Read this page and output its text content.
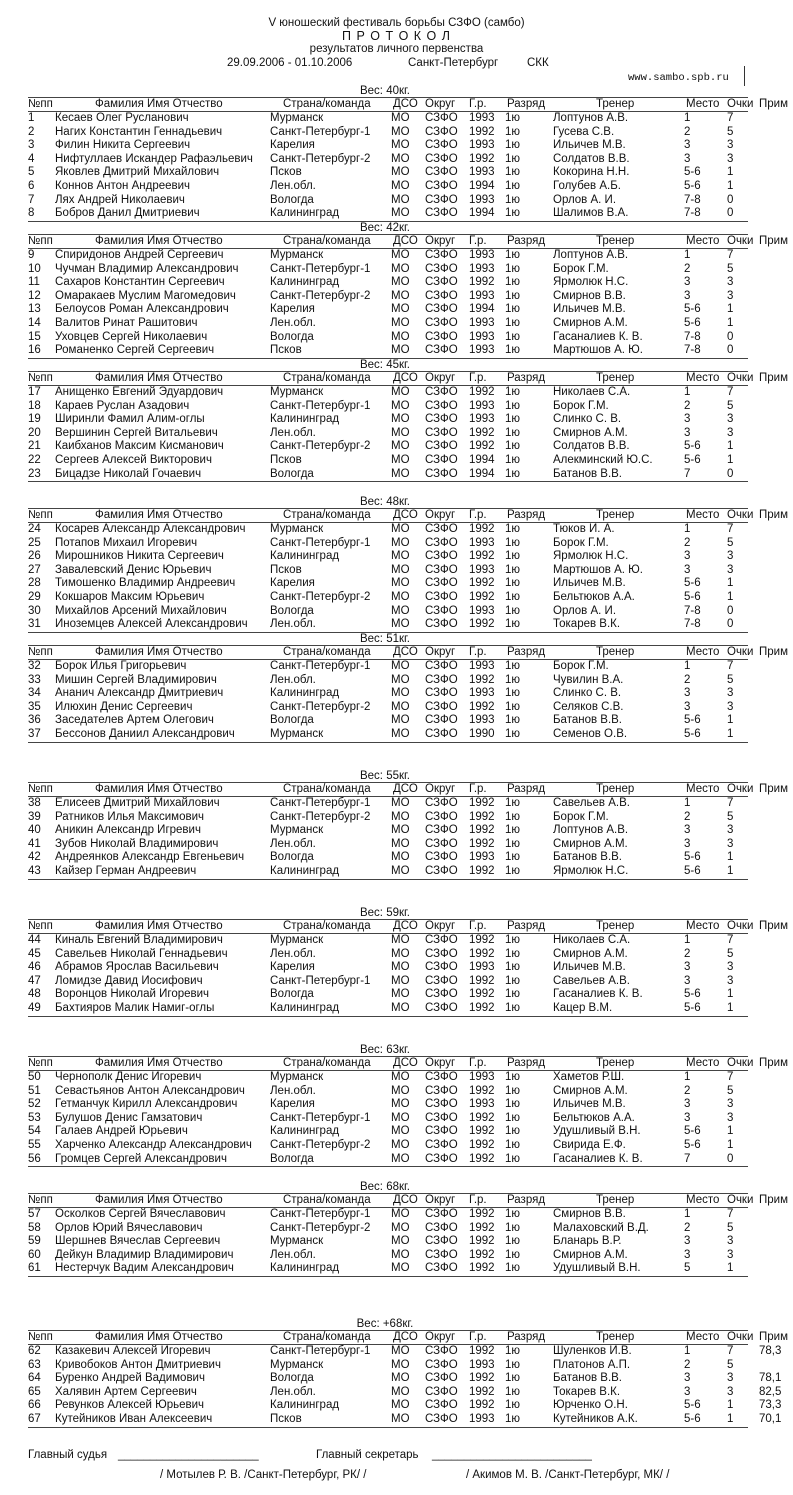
V юношеский фестиваль борьбы СЗФО (самбо)
П Р О Т О К О Л
результатов личного первенства
29.09.2006 - 01.10.2006	Санкт-Петербург	СКК
www.sambo.spb.ru
Вес: 40кг.
№пп	Фамилия Имя Отчество	Страна/команда ДСО Округ Г.р. Разряд	Тренер	Место Очки Прим
1 Кесаев Олег Русланович	Мурманск	МО СЗФО 1993 1ю	Лоптунов А.В.	1	7
2 Нагих Константин Геннадьевич	Санкт-Петербург-1 МО СЗФО 1992 1ю	Гусева С.В.	2	5
3 Филин Никита Сергеевич	Карелия	МО СЗФО 1993 1ю	Ильичев М.В.	3	3
4 Нифтуллаев Искандер Рафаэльевич Санкт-Петербург-2 МО СЗФО 1992 1ю	Солдатов В.В.	3	3
5 Яковлев Дмитрий Михайлович	Псков	МО СЗФО 1993 1ю	Кокорина Н.Н.	5-6 1
6 Коннов Антон Андреевич	Лен.обл.	МО СЗФО 1994 1ю	Голубев А.Б.	5-6 1
7 Лях Андрей Николаевич	Вологда	МО СЗФО 1993 1ю	Орлов А. И.	7-8 0
8 Бобров Данил Дмитриевич	Калининград	МО СЗФО 1994 1ю	Шалимов В.А.	7-8 0
Вес: 42кг.
№пп	Фамилия Имя Отчество	Страна/команда ДСО Округ Г.р. Разряд	Тренер	Место Очки Прим
9 Спиридонов Андрей Сергеевич	Мурманск	МО СЗФО 1993 1ю	Лоптунов А.В.	1	7
10 Чучман Владимир Александрович	Санкт-Петербург-1 МО СЗФО 1993 1ю	Борок Г.М.	2	5
11 Сахаров Константин Сергеевич	Калининград	МО СЗФО 1992 1ю	Ярмолюк Н.С.	3	3
12 Омаракаев Муслим Магомедович	Санкт-Петербург-2 МО СЗФО 1993 1ю	Смирнов В.В.	3	3
13 Белоусов Роман Александрович	Карелия	МО СЗФО 1994 1ю	Ильичев М.В.	5-6 1
14 Валитов Ринат Рашитович	Лен.обл.	МО СЗФО 1993 1ю	Смирнов А.М.	5-6 1
15 Уховцев Сергей Николаевич	Вологда	МО СЗФО 1993 1ю	Гасаналиев К. В.	7-8 0
16 Романенко Сергей Сергеевич	Псков	МО СЗФО 1993 1ю	Мартюшов А. Ю.	7-8 0
Вес: 45кг.
№пп	Фамилия Имя Отчество	Страна/команда ДСО Округ Г.р. Разряд	Тренер	Место Очки Прим
17 Анищенко Евгений Эдуардович	Мурманск	МО СЗФО 1992 1ю	Николаев С.А.	1	7
18 Караев Руслан Азадович	Санкт-Петербург-1 МО СЗФО 1993 1ю	Борок Г.М.	2	5
19 Ширинли Фамил Алим-оглы	Калининград	МО СЗФО 1993 1ю	Слинко С. В.	3	3
20 Вершинин Сергей Витальевич	Лен.обл.	МО СЗФО 1992 1ю	Смирнов А.М.	3	3
21 Каибханов Максим Кисманович	Санкт-Петербург-2 МО СЗФО 1992 1ю	Солдатов В.В.	5-6 1
22 Сергеев Алексей Викторович	Псков	МО СЗФО 1994 1ю	Алекминский Ю.С.	5-6 1
23 Бицадзе Николай Гочаевич	Вологда	МО СЗФО 1994 1ю	Батанов В.В.	7	0
Вес: 48кг.
№пп	Фамилия Имя Отчество	Страна/команда ДСО Округ Г.р. Разряд	Тренер	Место Очки Прим
24 Косарев Александр Александрович Мурманск	МО СЗФО 1992 1ю	Тюков И. А.	1	7
25 Потапов Михаил Игоревич	Санкт-Петербург-1 МО СЗФО 1993 1ю	Борок Г.М.	2	5
26 Мирошников Никита Сергеевич	Калининград	МО СЗФО 1992 1ю	Ярмолюк Н.С.	3	3
27 Завалевский Денис Юрьевич	Псков	МО СЗФО 1993 1ю	Мартюшов А. Ю.	3	3
28 Тимошенко Владимир Андреевич	Карелия	МО СЗФО 1992 1ю	Ильичев М.В.	5-6 1
29 Кокшаров Максим Юрьевич	Санкт-Петербург-2 МО СЗФО 1992 1ю	Бельтюков А.А.	5-6 1
30 Михайлов Арсений Михайлович	Вологда	МО СЗФО 1993 1ю	Орлов А. И.	7-8 0
31 Иноземцев Алексей Александрович Лен.обл.	МО СЗФО 1992 1ю	Токарев В.К.	7-8 0
Вес: 51кг.
№пп	Фамилия Имя Отчество	Страна/команда ДСО Округ Г.р. Разряд	Тренер	Место Очки Прим
32 Борок Илья Григорьевич	Санкт-Петербург-1 МО СЗФО 1993 1ю	Борок Г.М.	1	7
33 Мишин Сергей Владимирович	Лен.обл.	МО СЗФО 1992 1ю	Чувилин В.А.	2	5
34 Ананич Александр Дмитриевич	Калининград	МО СЗФО 1993 1ю	Слинко С. В.	3	3
35 Илюхин Денис Сергеевич	Санкт-Петербург-2 МО СЗФО 1992 1ю	Селяков С.В.	3	3
36 Заседателев Артем Олегович	Вологда	МО СЗФО 1993 1ю	Батанов В.В.	5-6 1
37 Бессонов Даниил Александрович	Мурманск	МО СЗФО 1990 1ю	Семенов О.В.	5-6 1
Вес: 55кг.
№пп	Фамилия Имя Отчество	Страна/команда ДСО Округ Г.р. Разряд	Тренер	Место Очки Прим
38 Елисеев Дмитрий Михайлович	Санкт-Петербург-1 МО СЗФО 1992 1ю	Савельев А.В.	1	7
39 Ратников Илья Максимович	Санкт-Петербург-2 МО СЗФО 1992 1ю	Борок Г.М.	2	5
40 Аникин Александр Игревич	Мурманск	МО СЗФО 1992 1ю	Лоптунов А.В.	3	3
41 Зубов Николай Владимирович	Лен.обл.	МО СЗФО 1992 1ю	Смирнов А.М.	3	3
42 Андреянков Александр Евгеньевич Вологда	МО СЗФО 1993 1ю	Батанов В.В.	5-6 1
43 Кайзер Герман Андреевич	Калининград	МО СЗФО 1992 1ю	Ярмолюк Н.С.	5-6 1
Вес: 59кг.
№пп	Фамилия Имя Отчество	Страна/команда ДСО Округ Г.р. Разряд	Тренер	Место Очки Прим
44 Киналь Евгений Владимирович	Мурманск	МО СЗФО 1992 1ю	Николаев С.А.	1	7
45 Савельев Николай Геннадьевич	Лен.обл.	МО СЗФО 1992 1ю	Смирнов А.М.	2	5
46 Абрамов Ярослав Васильевич	Карелия	МО СЗФО 1993 1ю	Ильичев М.В.	3	3
47 Ломидзе Давид Иосифович	Санкт-Петербург-1 МО СЗФО 1992 1ю	Савельев А.В.	3	3
48 Воронцов Николай Игоревич	Вологда	МО СЗФО 1992 1ю	Гасаналиев К. В.	5-6 1
49 Бахтияров Малик Намиг-оглы	Калининград	МО СЗФО 1992 1ю	Кацер В.М.	5-6 1
Вес: 63кг.
№пп	Фамилия Имя Отчество	Страна/команда ДСО Округ Г.р. Разряд	Тренер	Место Очки Прим
50 Чернополк Денис Игоревич	Мурманск	МО СЗФО 1993 1ю	Хаметов Р.Ш.	1	7
51 Севастьянов Антон Александрович Лен.обл.	МО СЗФО 1992 1ю	Смирнов А.М.	2	5
52 Гетманчук Кирилл Александрович	Карелия	МО СЗФО 1993 1ю	Ильичев М.В.	3	3
53 Булушов Денис Гамзатович	Санкт-Петербург-1 МО СЗФО 1992 1ю	Бельтюков А.А.	3	3
54 Галаев Андрей Юрьевич	Калининград	МО СЗФО 1992 1ю	Удушливый В.Н.	5-6 1
55 Харченко Александр Александрович Санкт-Петербург-2 МО СЗФО 1992 1ю	Свирида Е.Ф.	5-6 1
56 Громцев Сергей Александрович	Вологда	МО СЗФО 1992 1ю	Гасаналиев К. В.	7	0
Вес: 68кг.
№пп	Фамилия Имя Отчество	Страна/команда ДСО Округ Г.р. Разряд	Тренер	Место Очки Прим
57 Осколков Сергей Вячеславович	Санкт-Петербург-1 МО СЗФО 1992 1ю	Смирнов В.В.	1	7
58 Орлов Юрий Вячеславович	Санкт-Петербург-2 МО СЗФО 1992 1ю	Малаховский В.Д.	2	5
59 Шершнев Вячеслав Сергеевич	Мурманск	МО СЗФО 1992 1ю	Бланарь В.Р.	3	3
60 Дейкун Владимир Владимирович	Лен.обл.	МО СЗФО 1992 1ю	Смирнов А.М.	3	3
61 Нестерчук Вадим Александрович	Калининград	МО СЗФО 1992 1ю	Удушливый В.Н.	5	1
Вес: +68кг.
№пп	Фамилия Имя Отчество	Страна/команда ДСО Округ Г.р. Разряд	Тренер	Место Очки Прим
62 Казакевич Алексей Игоревич	Санкт-Петербург-1 МО СЗФО 1992 1ю	Шуленков И.В.	1	7 78,3
63 Кривобоков Антон Дмитриевич	Мурманск	МО СЗФО 1993 1ю	Платонов А.П.	2	5
64 Буренко Андрей Вадимович	Вологда	МО СЗФО 1992 1ю	Батанов В.В.	3	3 78,1
65 Халявин Артем Сергеевич	Лен.обл.	МО СЗФО 1992 1ю	Токарев В.К.	3	3 82,5
66 Ревунков Алексей Юрьевич	Калининград	МО СЗФО 1992 1ю	Юрченко О.Н.	5-6 1 73,3
67 Кутейников Иван Алексеевич	Псков	МО СЗФО 1993 1ю	Кутейников А.К.	5-6 1 70,1
Главный судья ______________________	Главный секретарь _________________________
/ Мотылев Р. В. /Санкт-Петербург, РК/ /	/ Акимов М. В. /Санкт-Петербург, МК/ /
